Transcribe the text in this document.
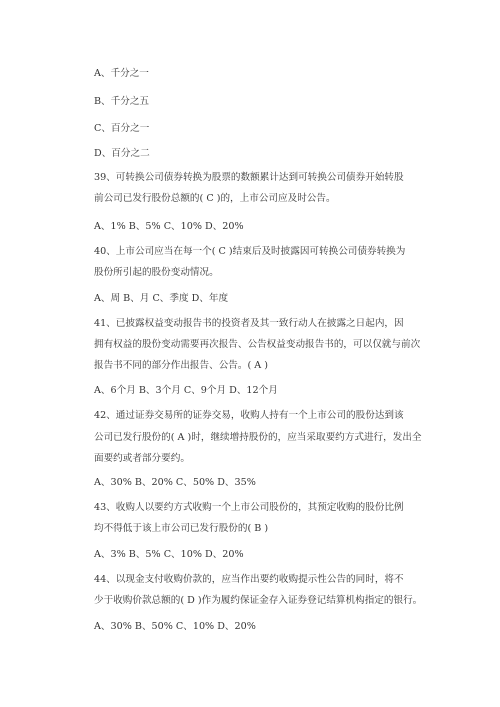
A、千分之一
B、千分之五
C、百分之一
D、百分之二
39、可转换公司债券转换为股票的数额累计达到可转换公司债券开始转股
前公司已发行股份总额的( C )的，上市公司应及时公告。
A、1% B、5% C、10% D、20%
40、上市公司应当在每一个( C )结束后及时披露因可转换公司债券转换为
股份所引起的股份变动情况。
A、周 B、月 C、季度 D、年度
41、已披露权益变动报告书的投资者及其一致行动人在披露之日起内，因
拥有权益的股份变动需要再次报告、公告权益变动报告书的，可以仅就与前次
报告书不同的部分作出报告、公告。( A )
A、6个月 B、3个月 C、9个月 D、12个月
42、通过证券交易所的证券交易，收购人持有一个上市公司的股份达到该
公司已发行股份的( A )时，继续增持股份的，应当采取要约方式进行，发出全
面要约或者部分要约。
A、30% B、20% C、50% D、35%
43、收购人以要约方式收购一个上市公司股份的，其预定收购的股份比例
均不得低于该上市公司已发行股份的( B )
A、3% B、5% C、10% D、20%
44、以现金支付收购价款的，应当作出要约收购提示性公告的同时，将不
少于收购价款总额的( D )作为履约保证金存入证券登记结算机构指定的银行。
A、30% B、50% C、10% D、20%
